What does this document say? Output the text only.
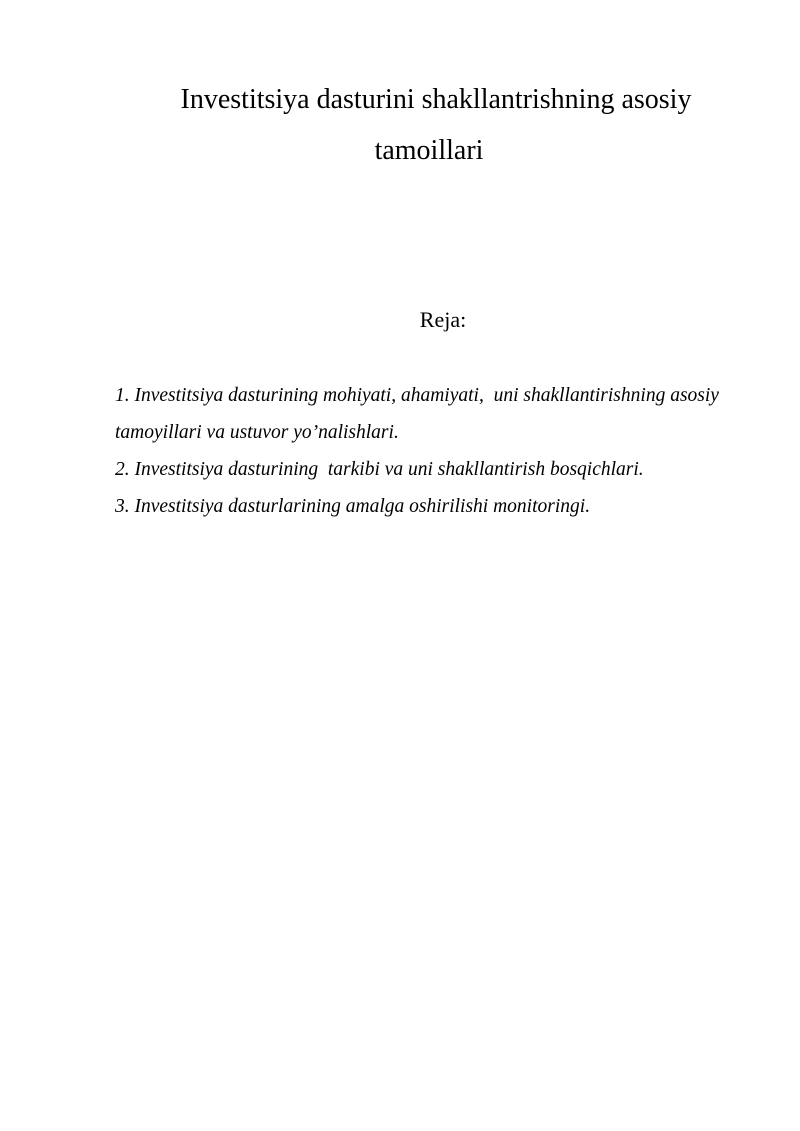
Investitsiya dasturini shakllantrishning asosiy
tamoillari
Reja:
1. Investitsiya dasturining mohiyati, ahamiyati,  uni shakllantirishning asosiy tamoyillari va ustuvor yo’nalishlari.
2. Investitsiya dasturining  tarkibi va uni shakllantirish bosqichlari.
3. Investitsiya dasturlarining amalga oshirilishi monitoringi.
